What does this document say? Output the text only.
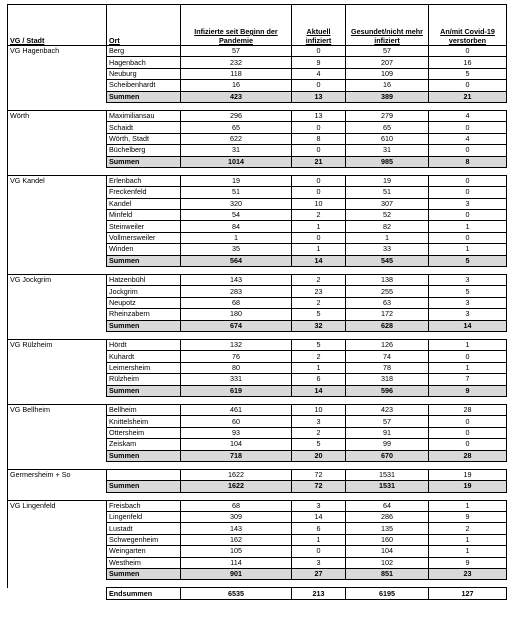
VG / Stadt	Ort	Infizierte seit Beginn der Pandemie	Aktuell infiziert	Gesundet/nicht mehr infiziert	An/mit Covid-19 verstorben
VG Hagenbach	Berg	57	0	57	0
	Hagenbach	232	9	207	16
	Neuburg	118	4	109	5
	Scheibenhardt	16	0	16	0
	Summen	423	13	389	21

Wörth	Maximiliansau	296	13	279	4
	Schaidt	65	0	65	0
	Wörth, Stadt	622	8	610	4
	Büchelberg	31	0	31	0
	Summen	1014	21	985	8

VG Kandel	Erlenbach	19	0	19	0
	Freckenfeld	51	0	51	0
	Kandel	320	10	307	3
	Minfeld	54	2	52	0
	Steinweiler	84	1	82	1
	Vollmersweiler	1	0	1	0
	Winden	35	1	33	1
	Summen	564	14	545	5

VG Jockgrim	Hatzenbühl	143	2	138	3
	Jockgrim	283	23	255	5
	Neupotz	68	2	63	3
	Rheinzabern	180	5	172	3
	Summen	674	32	628	14

VG Rülzheim	Hördt	132	5	126	1
	Kuhardt	76	2	74	0
	Leimersheim	80	1	78	1
	Rülzheim	331	6	318	7
	Summen	619	14	596	9

VG Bellheim	Bellheim	461	10	423	28
	Knittelsheim	60	3	57	0
	Ottersheim	93	2	91	0
	Zeiskam	104	5	99	0
	Summen	718	20	670	28

Germersheim + So		1622	72	1531	19
	Summen	1622	72	1531	19

VG Lingenfeld	Freisbach	68	3	64	1
	Lingenfeld	309	14	286	9
	Lustadt	143	6	135	2
	Schwegenheim	162	1	160	1
	Weingarten	105	0	104	1
	Westheim	114	3	102	9
	Summen	901	27	851	23

	Endsummen	6535	213	6195	127
